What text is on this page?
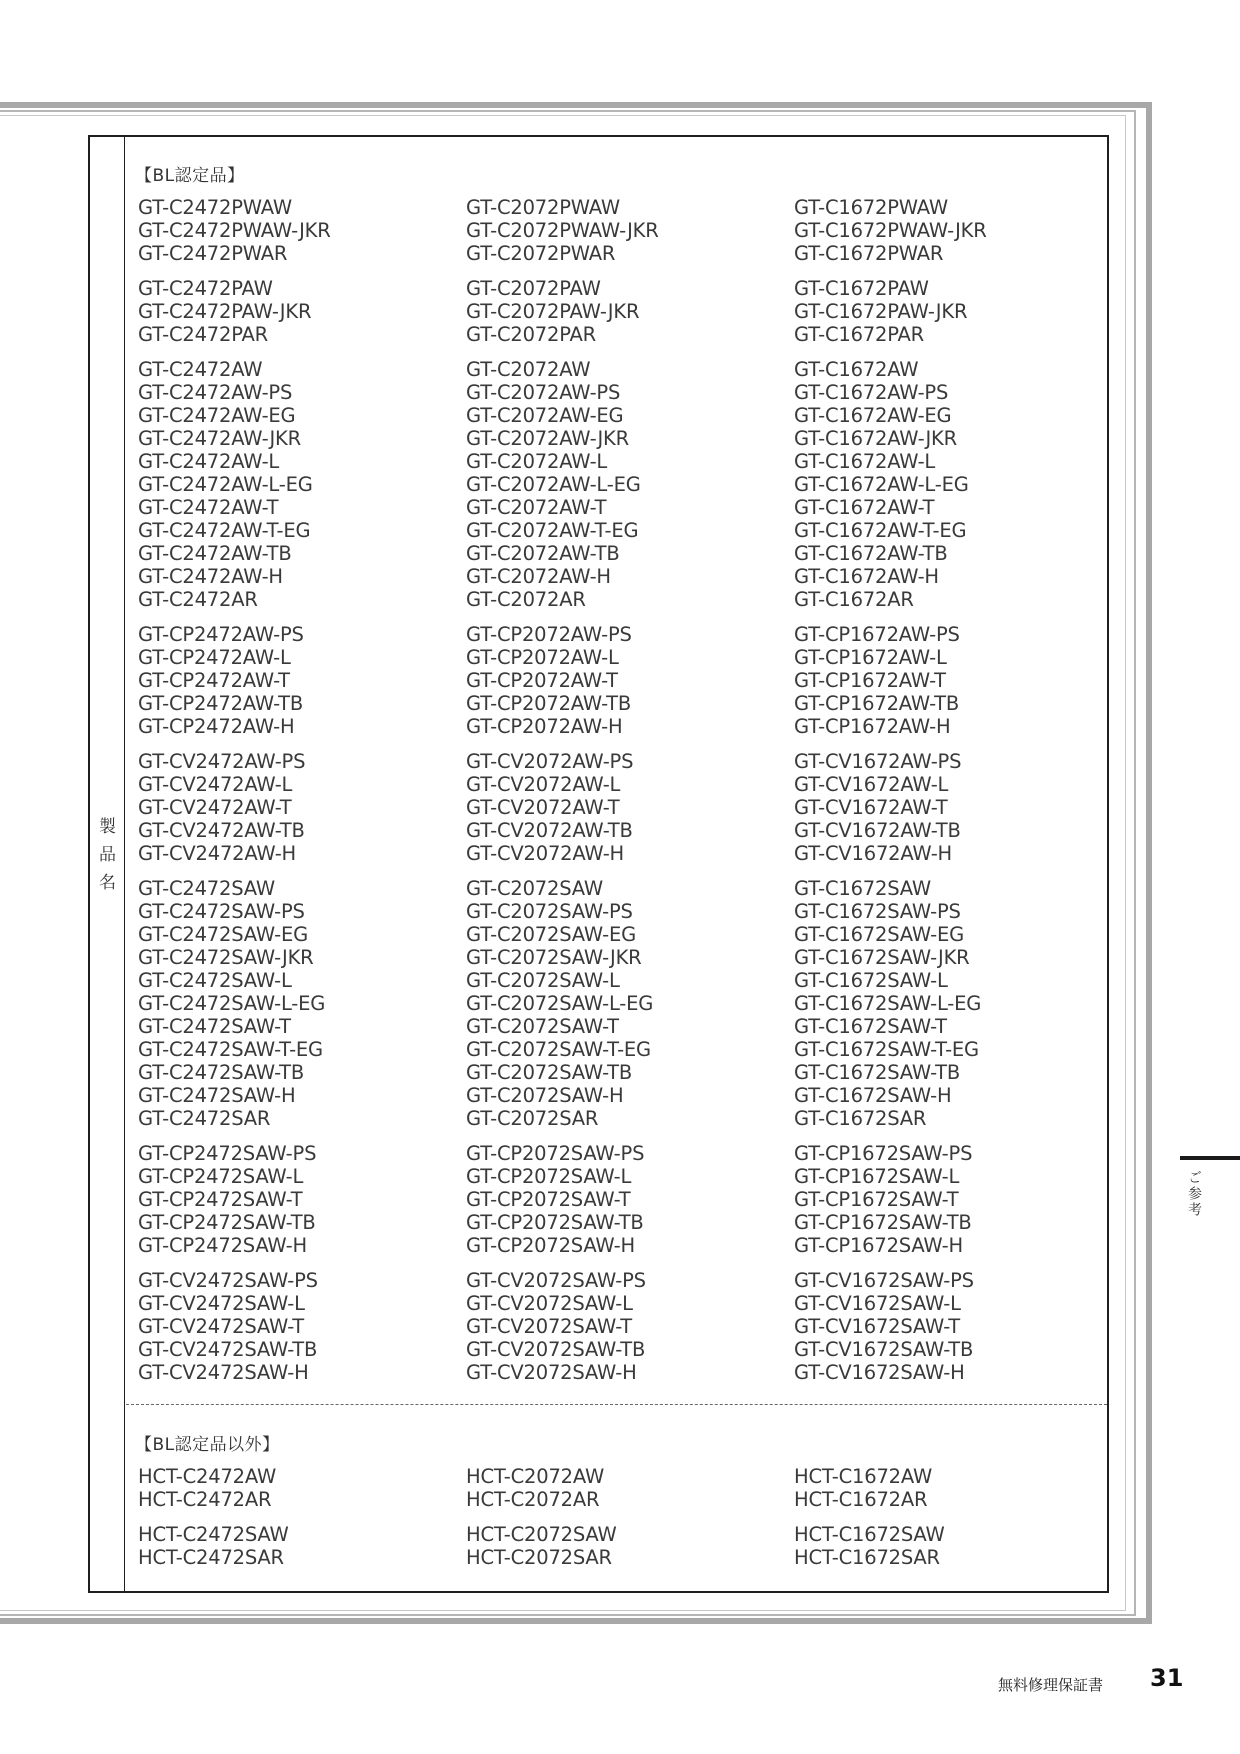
製
品
名
【BL認定品】
GT-C2472PWAW
GT-C2472PWAW-JKR
GT-C2472PWAR
GT-C2472PAW
GT-C2472PAW-JKR
GT-C2472PAR
GT-C2472AW
GT-C2472AW-PS
GT-C2472AW-EG
GT-C2472AW-JKR
GT-C2472AW-L
GT-C2472AW-L-EG
GT-C2472AW-T
GT-C2472AW-T-EG
GT-C2472AW-TB
GT-C2472AW-H
GT-C2472AR
GT-CP2472AW-PS
GT-CP2472AW-L
GT-CP2472AW-T
GT-CP2472AW-TB
GT-CP2472AW-H
GT-CV2472AW-PS
GT-CV2472AW-L
GT-CV2472AW-T
GT-CV2472AW-TB
GT-CV2472AW-H
GT-C2472SAW
GT-C2472SAW-PS
GT-C2472SAW-EG
GT-C2472SAW-JKR
GT-C2472SAW-L
GT-C2472SAW-L-EG
GT-C2472SAW-T
GT-C2472SAW-T-EG
GT-C2472SAW-TB
GT-C2472SAW-H
GT-C2472SAR
GT-CP2472SAW-PS
GT-CP2472SAW-L
GT-CP2472SAW-T
GT-CP2472SAW-TB
GT-CP2472SAW-H
GT-CV2472SAW-PS
GT-CV2472SAW-L
GT-CV2472SAW-T
GT-CV2472SAW-TB
GT-CV2472SAW-H
GT-C2072PWAW
GT-C2072PWAW-JKR
GT-C2072PWAR
GT-C2072PAW
GT-C2072PAW-JKR
GT-C2072PAR
GT-C2072AW
GT-C2072AW-PS
GT-C2072AW-EG
GT-C2072AW-JKR
GT-C2072AW-L
GT-C2072AW-L-EG
GT-C2072AW-T
GT-C2072AW-T-EG
GT-C2072AW-TB
GT-C2072AW-H
GT-C2072AR
GT-CP2072AW-PS
GT-CP2072AW-L
GT-CP2072AW-T
GT-CP2072AW-TB
GT-CP2072AW-H
GT-CV2072AW-PS
GT-CV2072AW-L
GT-CV2072AW-T
GT-CV2072AW-TB
GT-CV2072AW-H
GT-C2072SAW
GT-C2072SAW-PS
GT-C2072SAW-EG
GT-C2072SAW-JKR
GT-C2072SAW-L
GT-C2072SAW-L-EG
GT-C2072SAW-T
GT-C2072SAW-T-EG
GT-C2072SAW-TB
GT-C2072SAW-H
GT-C2072SAR
GT-CP2072SAW-PS
GT-CP2072SAW-L
GT-CP2072SAW-T
GT-CP2072SAW-TB
GT-CP2072SAW-H
GT-CV2072SAW-PS
GT-CV2072SAW-L
GT-CV2072SAW-T
GT-CV2072SAW-TB
GT-CV2072SAW-H
GT-C1672PWAW
GT-C1672PWAW-JKR
GT-C1672PWAR
GT-C1672PAW
GT-C1672PAW-JKR
GT-C1672PAR
GT-C1672AW
GT-C1672AW-PS
GT-C1672AW-EG
GT-C1672AW-JKR
GT-C1672AW-L
GT-C1672AW-L-EG
GT-C1672AW-T
GT-C1672AW-T-EG
GT-C1672AW-TB
GT-C1672AW-H
GT-C1672AR
GT-CP1672AW-PS
GT-CP1672AW-L
GT-CP1672AW-T
GT-CP1672AW-TB
GT-CP1672AW-H
GT-CV1672AW-PS
GT-CV1672AW-L
GT-CV1672AW-T
GT-CV1672AW-TB
GT-CV1672AW-H
GT-C1672SAW
GT-C1672SAW-PS
GT-C1672SAW-EG
GT-C1672SAW-JKR
GT-C1672SAW-L
GT-C1672SAW-L-EG
GT-C1672SAW-T
GT-C1672SAW-T-EG
GT-C1672SAW-TB
GT-C1672SAW-H
GT-C1672SAR
GT-CP1672SAW-PS
GT-CP1672SAW-L
GT-CP1672SAW-T
GT-CP1672SAW-TB
GT-CP1672SAW-H
GT-CV1672SAW-PS
GT-CV1672SAW-L
GT-CV1672SAW-T
GT-CV1672SAW-TB
GT-CV1672SAW-H
【BL認定品以外】
HCT-C2472AW
HCT-C2472AR
HCT-C2472SAW
HCT-C2472SAR
HCT-C2072AW
HCT-C2072AR
HCT-C2072SAW
HCT-C2072SAR
HCT-C1672AW
HCT-C1672AR
HCT-C1672SAW
HCT-C1672SAR
ご参考
無料修理保証書 31
